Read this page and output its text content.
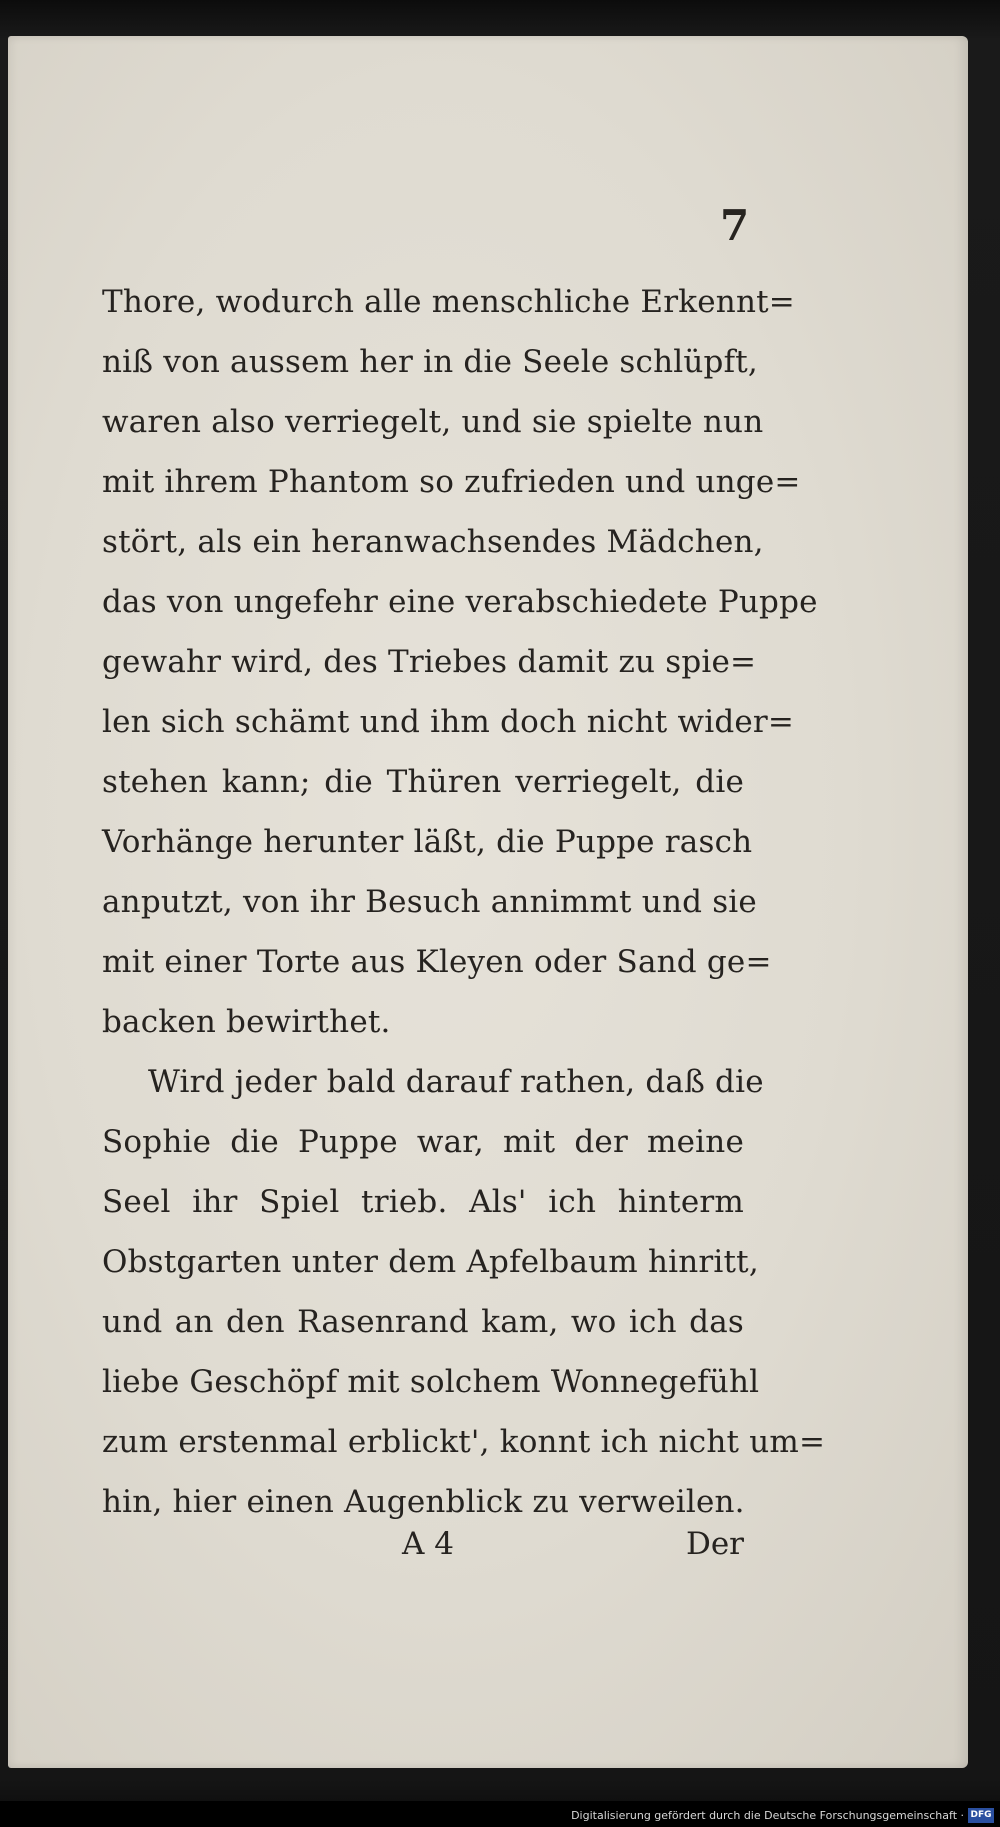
7
Thore, wodurch alle menschliche Erkennt=
niß von aussem her in die Seele schlüpft,
waren also verriegelt, und sie spielte nun
mit ihrem Phantom so zufrieden und unge=
stört, als ein heranwachsendes Mädchen,
das von ungefehr eine verabschiedete Puppe
gewahr wird, des Triebes damit zu spie=
len sich schämt und ihm doch nicht wider=
stehen kann; die Thüren verriegelt, die
Vorhänge herunter läßt, die Puppe rasch
anputzt, von ihr Besuch annimmt und sie
mit einer Torte aus Kleyen oder Sand ge=
backen bewirthet.
Wird jeder bald darauf rathen, daß die
Sophie die Puppe war, mit der meine
Seel ihr Spiel trieb. Als' ich hinterm
Obstgarten unter dem Apfelbaum hinritt,
und an den Rasenrand kam, wo ich das
liebe Geschöpf mit solchem Wonnegefühl
zum erstenmal erblickt', konnt ich nicht um=
hin, hier einen Augenblick zu verweilen.
A 4	Der
Digitalisierung gefördert durch die Deutsche Forschungsgemeinschaft · DFG
